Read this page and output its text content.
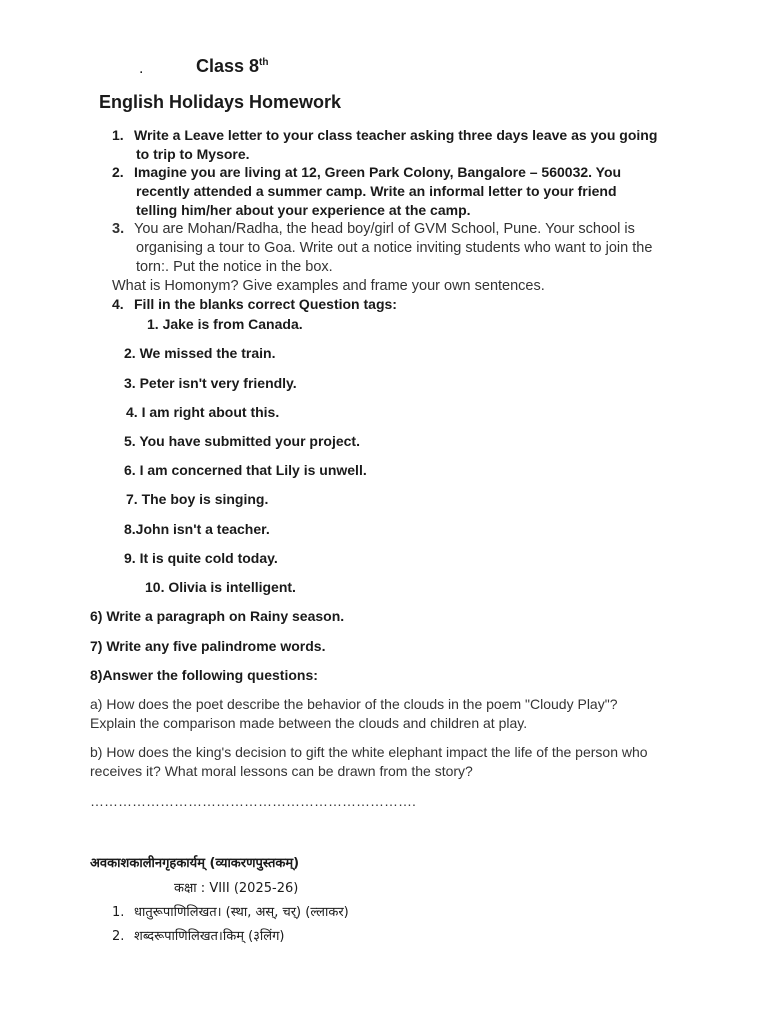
.	Class 8th
English Holidays Homework
1. Write a Leave letter to your class teacher asking three days leave as you going
to trip to Mysore.
2. Imagine you are living at 12, Green Park Colony, Bangalore – 560032. You
recently attended a summer camp. Write an informal letter to your friend
telling him/her about your experience at the camp.
3. You are Mohan/Radha, the head boy/girl of GVM School, Pune. Your school is
organising a tour to Goa. Write out a notice inviting students who want to join the
torn:. Put the notice in the box.
What is Homonym? Give examples and frame your own sentences.
4. Fill in the blanks correct Question tags:
1. Jake is from Canada.
2. We missed the train.
3. Peter isn't very friendly.
4. I am right about this.
5. You have submitted your project.
6. I am concerned that Lily is unwell.
7. The boy is singing.
8.John isn't a teacher.
9. It is quite cold today.
10. Olivia is intelligent.
6) Write a paragraph on Rainy season.
7) Write any five palindrome words.
8)Answer the following questions:
a) How does the poet describe the behavior of the clouds in the poem "Cloudy Play"?
Explain the comparison made between the clouds and children at play.
b) How does the king's decision to gift the white elephant impact the life of the person who
receives it? What moral lessons can be drawn from the story?
…………………………………………………………….
अवकाशकालीनगृहकार्यम् (व्याकरणपुस्तकम्)
कक्षा : VIII (2025-26)
1. धातुरूपाणिलिखत। (स्था, अस्, चर्) (ल्लाकर)
2. शब्दरूपाणिलिखत।किम् (३लिंग)
